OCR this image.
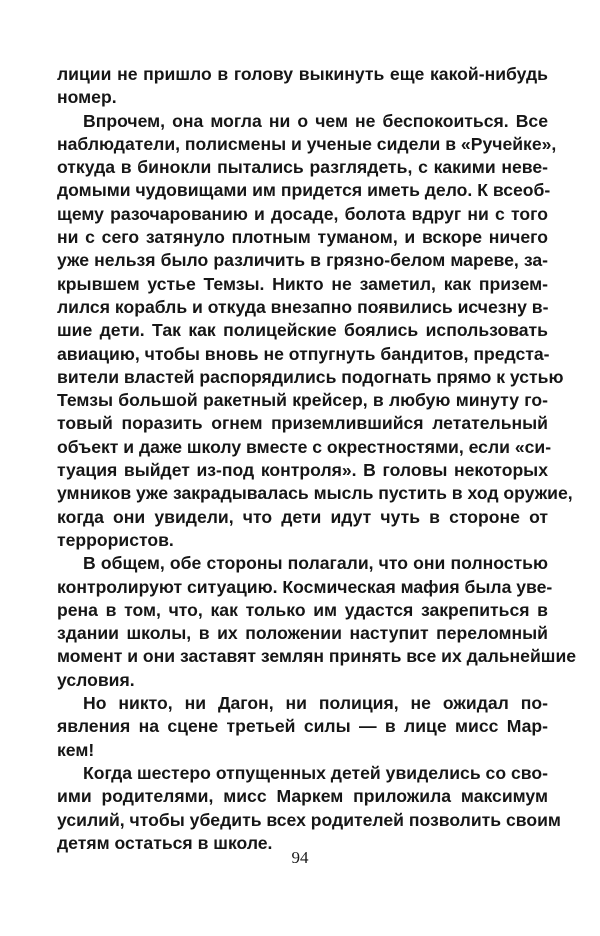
лиции не пришло в голову выкинуть еще какой-нибудь
номер.
Впрочем, она могла ни о чем не беспокоиться. Все
наблюдатели, полисмены и ученые сидели в «Ручейке»,
откуда в бинокли пытались разглядеть, с какими неве-
домыми чудовищами им придется иметь дело. К всеоб-
щему разочарованию и досаде, болота вдруг ни с того
ни с сего затянуло плотным туманом, и вскоре ничего
уже нельзя было различить в грязно-белом мареве, за-
крывшем устье Темзы. Никто не заметил, как призем-
лился корабль и откуда внезапно появились исчезну в-
шие дети. Так как полицейские боялись использовать
авиацию, чтобы вновь не отпугнуть бандитов, предста-
вители властей распорядились подогнать прямо к устью
Темзы большой ракетный крейсер, в любую минуту го-
товый поразить огнем приземлившийся летательный
объект и даже школу вместе с окрестностями, если «си-
туация выйдет из-под контроля». В головы некоторых
умников уже закрадывалась мысль пустить в ход оружие,
когда они увидели, что дети идут чуть в стороне от
террористов.
В общем, обе стороны полагали, что они полностью
контролируют ситуацию. Космическая мафия была уве-
рена в том, что, как только им удастся закрепиться в
здании школы, в их положении наступит переломный
момент и они заставят землян принять все их дальнейшие
условия.
Но никто, ни Дагон, ни полиция, не ожидал по-
явления на сцене третьей силы — в лице мисс Мар-
кем!
Когда шестеро отпущенных детей увиделись со сво-
ими родителями, мисс Маркем приложила максимум
усилий, чтобы убедить всех родителей позволить своим
детям остаться в школе.
94
